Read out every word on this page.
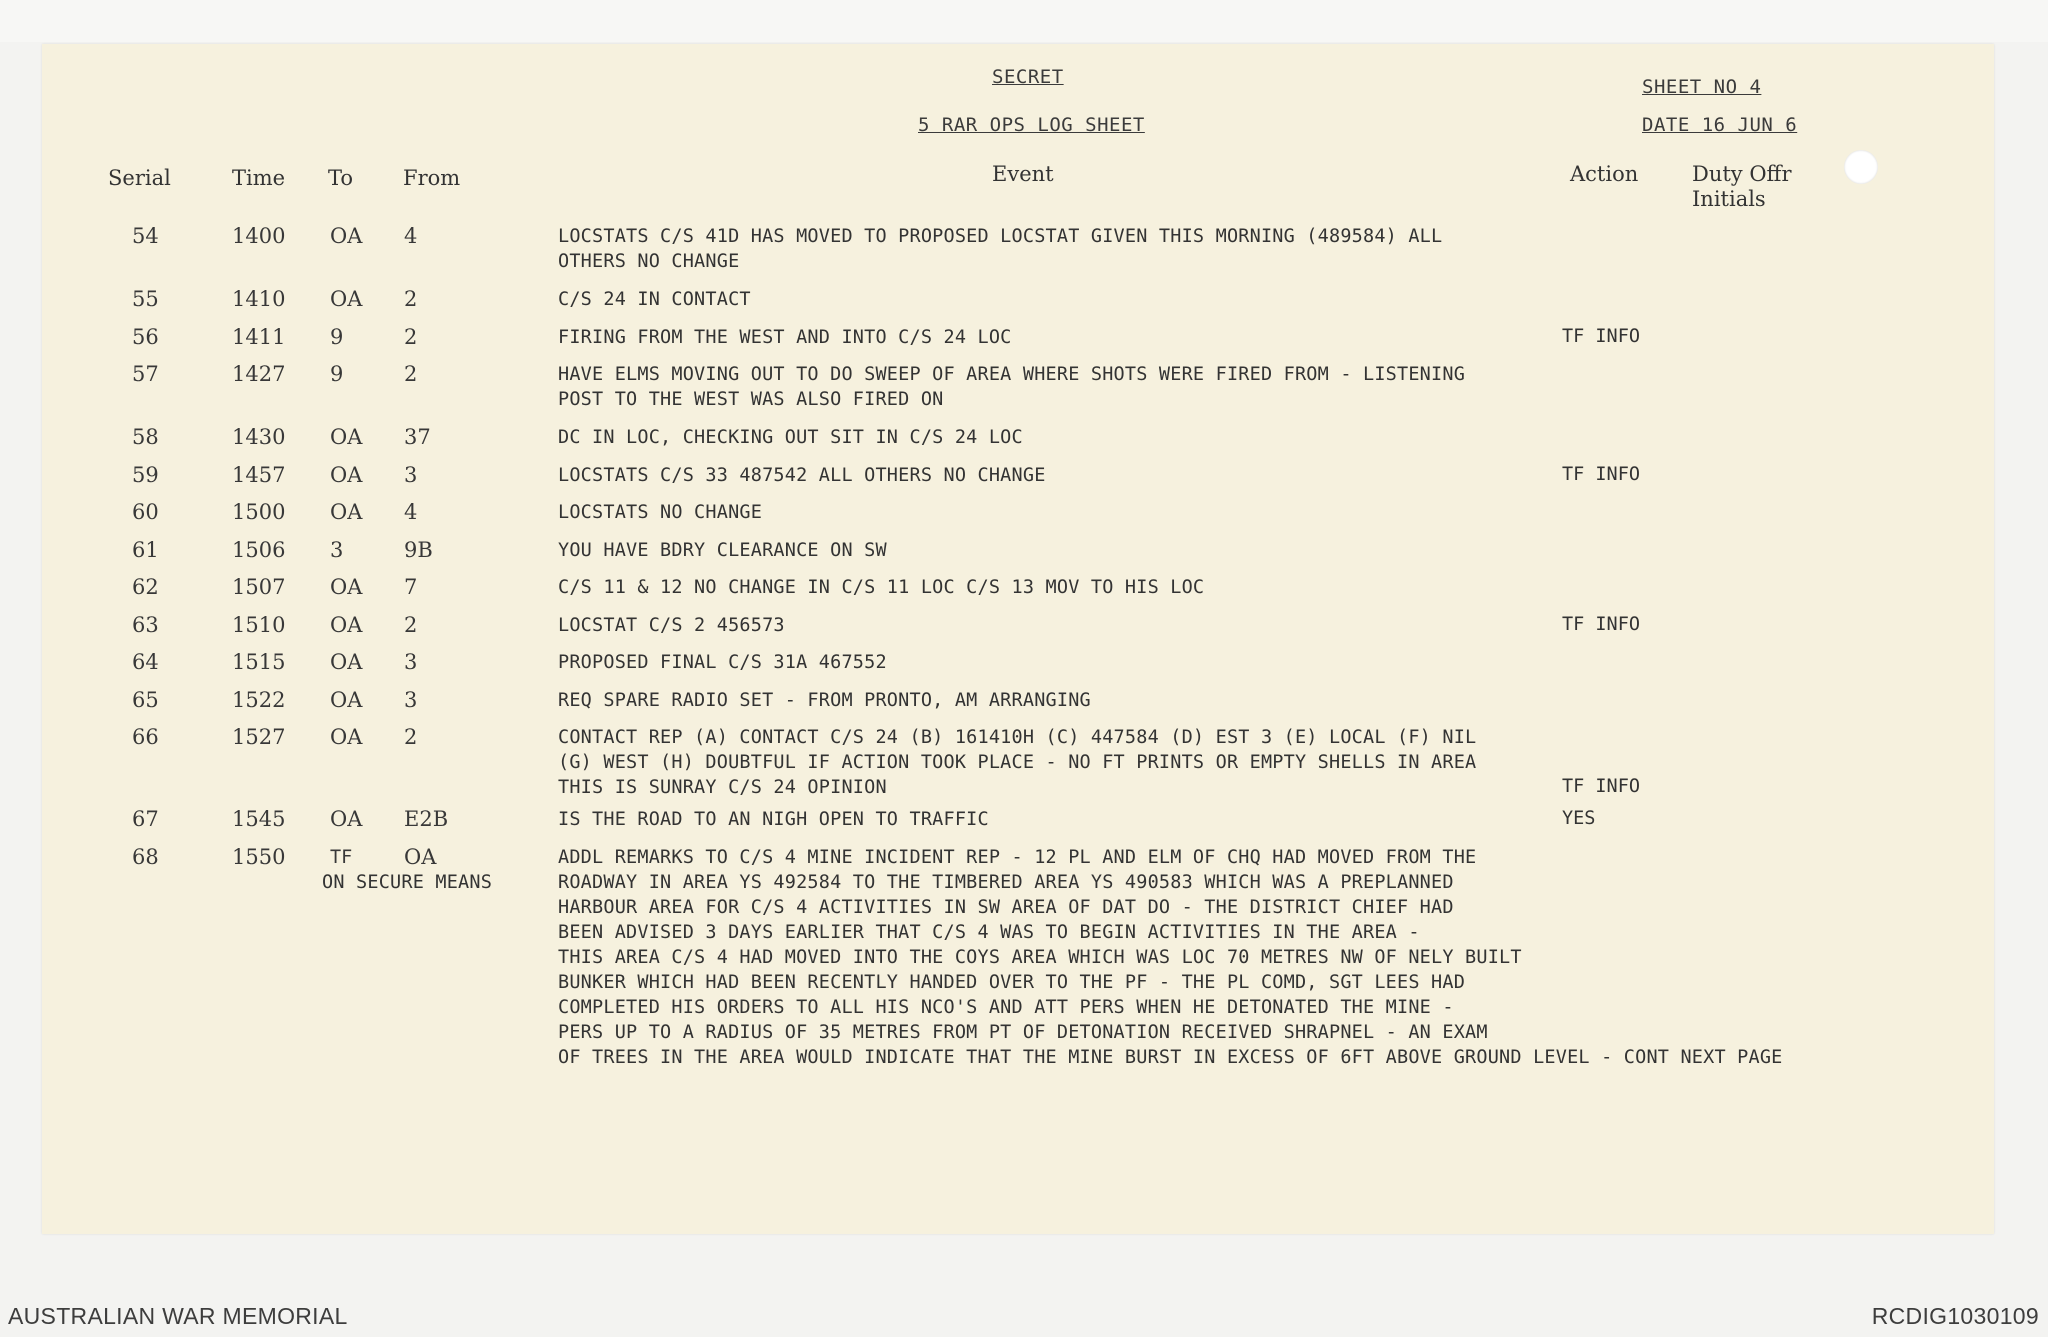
SECRET
5 RAR OPS LOG SHEET
SHEET NO 4
DATE 16 JUN 6
Serial	Time To From	Event	Action	Duty Offr
Initials
54	1400 OA 4	LOCSTATS C/S 41D HAS MOVED TO PROPOSED LOCSTAT GIVEN THIS MORNING (489584) ALL
OTHERS NO CHANGE
55	1410 OA 2	C/S 24 IN CONTACT
56	1411 9	2	FIRING FROM THE WEST AND INTO C/S 24 LOC	TF INFO
57	1427 9	2	HAVE ELMS MOVING OUT TO DO SWEEP OF AREA WHERE SHOTS WERE FIRED FROM - LISTENING
POST TO THE WEST WAS ALSO FIRED ON
58	1430 OA 37	DC IN LOC, CHECKING OUT SIT IN C/S 24 LOC
59	1457 OA 3	LOCSTATS C/S 33 487542 ALL OTHERS NO CHANGE	TF INFO
60	1500 OA 4	LOCSTATS NO CHANGE
61	1506 3	9B	YOU HAVE BDRY CLEARANCE ON SW
62	1507 OA 7	C/S 11 & 12 NO CHANGE IN C/S 11 LOC C/S 13 MOV TO HIS LOC
63	1510 OA 2	LOCSTAT C/S 2 456573	TF INFO
64	1515 OA 3	PROPOSED FINAL C/S 31A 467552
65	1522 OA 3	REQ SPARE RADIO SET - FROM PRONTO, AM ARRANGING
66	1527 OA 2	CONTACT REP (A) CONTACT C/S 24 (B) 161410H (C) 447584 (D) EST 3 (E) LOCAL (F) NIL
(G) WEST (H) DOUBTFUL IF ACTION TOOK PLACE - NO FT PRINTS OR EMPTY SHELLS IN AREA
THIS IS SUNRAY C/S 24 OPINION	TF INFO
67	1545 OA E2B	IS THE ROAD TO AN NIGH OPEN TO TRAFFIC	YES
68	1550 TF OA
ON SECURE MEANS
ADDL REMARKS TO C/S 4 MINE INCIDENT REP - 12 PL AND ELM OF CHQ HAD MOVED FROM THE
ROADWAY IN AREA YS 492584 TO THE TIMBERED AREA YS 490583 WHICH WAS A PREPLANNED
HARBOUR AREA FOR C/S 4 ACTIVITIES IN SW AREA OF DAT DO - THE DISTRICT CHIEF HAD
BEEN ADVISED 3 DAYS EARLIER THAT C/S 4 WAS TO BEGIN ACTIVITIES IN THE AREA -
THIS AREA C/S 4 HAD MOVED INTO THE COYS AREA WHICH WAS LOC 70 METRES NW OF NELY BUILT
BUNKER WHICH HAD BEEN RECENTLY HANDED OVER TO THE PF - THE PL COMD, SGT LEES HAD
COMPLETED HIS ORDERS TO ALL HIS NCO'S AND ATT PERS WHEN HE DETONATED THE MINE -
PERS UP TO A RADIUS OF 35 METRES FROM PT OF DETONATION RECEIVED SHRAPNEL - AN EXAM
OF TREES IN THE AREA WOULD INDICATE THAT THE MINE BURST IN EXCESS OF 6FT ABOVE GROUND LEVEL - CONT NEXT PAGE
AUSTRALIAN WAR MEMORIAL	RCDIG1030109
